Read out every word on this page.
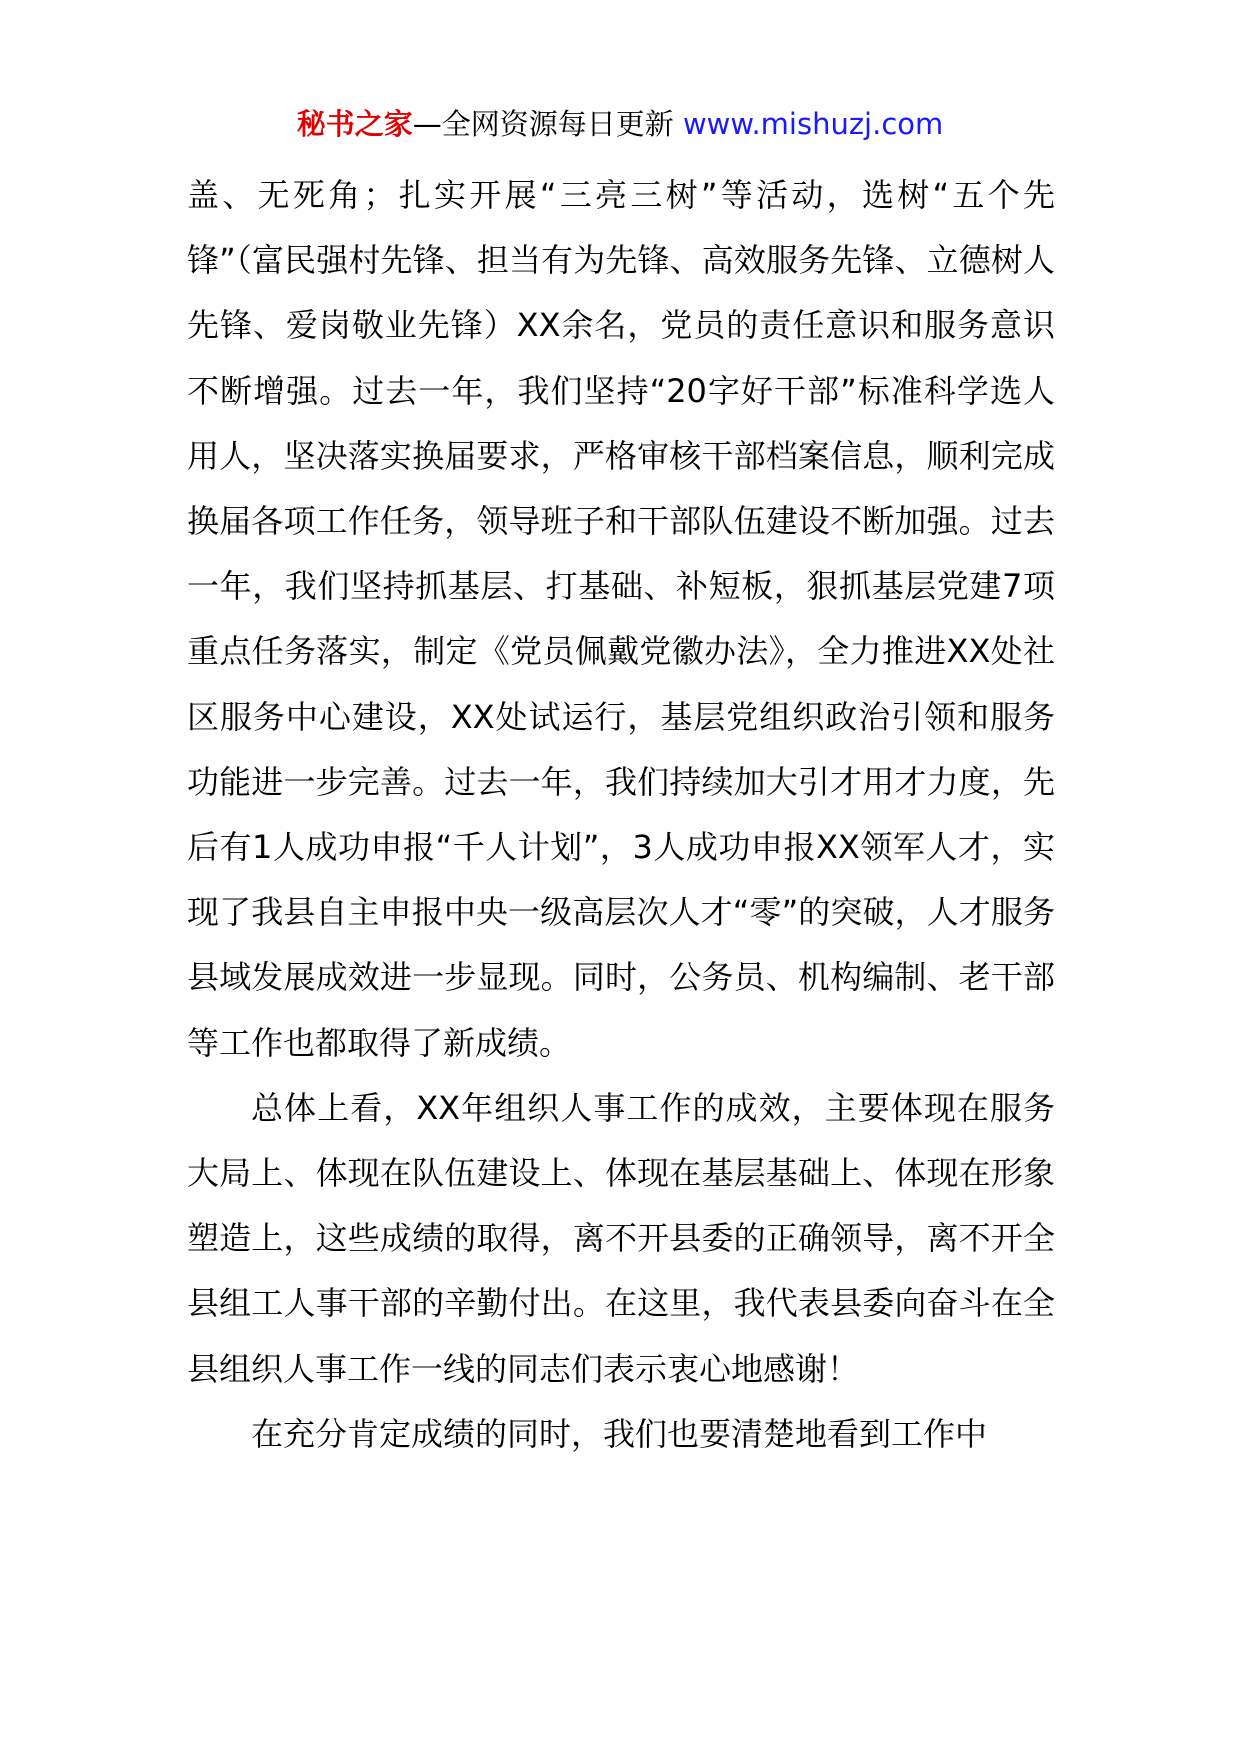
秘书之家—全网资源每日更新 www.mishuzj.com

盖、无死角；扎实开展“三亮三树”等活动，选树“五个先锋”（富民强村先锋、担当有为先锋、高效服务先锋、立德树人先锋、爱岗敬业先锋）XX余名，党员的责任意识和服务意识不断增强。过去一年，我们坚持“20字好干部”标准科学选人用人，坚决落实换届要求，严格审核干部档案信息，顺利完成换届各项工作任务，领导班子和干部队伍建设不断加强。过去一年，我们坚持抓基层、打基础、补短板，狠抓基层党建7项重点任务落实，制定《党员佩戴党徽办法》，全力推进XX处社区服务中心建设，XX处试运行，基层党组织政治引领和服务功能进一步完善。过去一年，我们持续加大引才用才力度，先后有1人成功申报“千人计划”，3人成功申报XX领军人才，实现了我县自主申报中央一级高层次人才“零”的突破，人才服务县域发展成效进一步显现。同时，公务员、机构编制、老干部等工作也都取得了新成绩。

总体上看，XX年组织人事工作的成效，主要体现在服务大局上、体现在队伍建设上、体现在基层基础上、体现在形象塑造上，这些成绩的取得，离不开县委的正确领导，离不开全县组工人事干部的辛勤付出。在这里，我代表县委向奋斗在全县组织人事工作一线的同志们表示衷心地感谢！

在充分肯定成绩的同时，我们也要清楚地看到工作中
